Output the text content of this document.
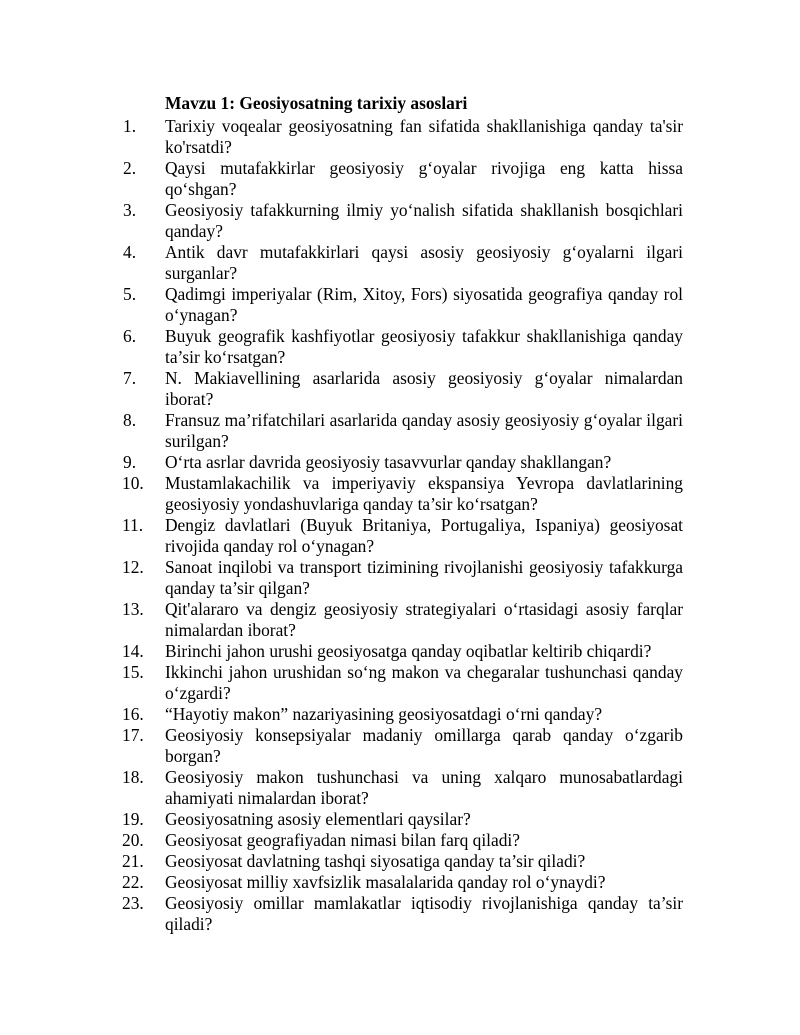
Mavzu 1: Geosiyosatning tarixiy asoslari
1.	Tarixiy voqealar geosiyosatning fan sifatida shakllanishiga qanday ta'sir ko'rsatdi?
2.	Qaysi mutafakkirlar geosiyosiy g‘oyalar rivojiga eng katta hissa qo‘shgan?
3.	Geosiyosiy tafakkurning ilmiy yo‘nalish sifatida shakllanish bosqichlari qanday?
4.	Antik davr mutafakkirlari qaysi asosiy geosiyosiy g‘oyalarni ilgari surganlar?
5.	Qadimgi imperiyalar (Rim, Xitoy, Fors) siyosatida geografiya qanday rol o‘ynagan?
6.	Buyuk geografik kashfiyotlar geosiyosiy tafakkur shakllanishiga qanday ta’sir ko‘rsatgan?
7.	N. Makiavellining asarlarida asosiy geosiyosiy g‘oyalar nimalardan iborat?
8.	Fransuz ma’rifatchilari asarlarida qanday asosiy geosiyosiy g‘oyalar ilgari surilgan?
9.	O‘rta asrlar davrida geosiyosiy tasavvurlar qanday shakllangan?
10.	Mustamlakachilik va imperiyaviy ekspansiya Yevropa davlatlarining geosiyosiy yondashuvlariga qanday ta’sir ko‘rsatgan?
11.	Dengiz davlatlari (Buyuk Britaniya, Portugaliya, Ispaniya) geosiyosat rivojida qanday rol o‘ynagan?
12.	Sanoat inqilobi va transport tizimining rivojlanishi geosiyosiy tafakkurga qanday ta’sir qilgan?
13.	Qit'alararo va dengiz geosiyosiy strategiyalari o‘rtasidagi asosiy farqlar nimalardan iborat?
14.	Birinchi jahon urushi geosiyosatga qanday oqibatlar keltirib chiqardi?
15.	Ikkinchi jahon urushidan so‘ng makon va chegaralar tushunchasi qanday o‘zgardi?
16.	“Hayotiy makon” nazariyasining geosiyosatdagi o‘rni qanday?
17.	Geosiyosiy konsepsiyalar madaniy omillarga qarab qanday o‘zgarib borgan?
18.	Geosiyosiy makon tushunchasi va uning xalqaro munosabatlardagi ahamiyati nimalardan iborat?
19.	Geosiyosatning asosiy elementlari qaysilar?
20.	Geosiyosat geografiyadan nimasi bilan farq qiladi?
21.	Geosiyosat davlatning tashqi siyosatiga qanday ta’sir qiladi?
22.	Geosiyosat milliy xavfsizlik masalalarida qanday rol o‘ynaydi?
23.	Geosiyosiy omillar mamlakatlar iqtisodiy rivojlanishiga qanday ta’sir qiladi?
